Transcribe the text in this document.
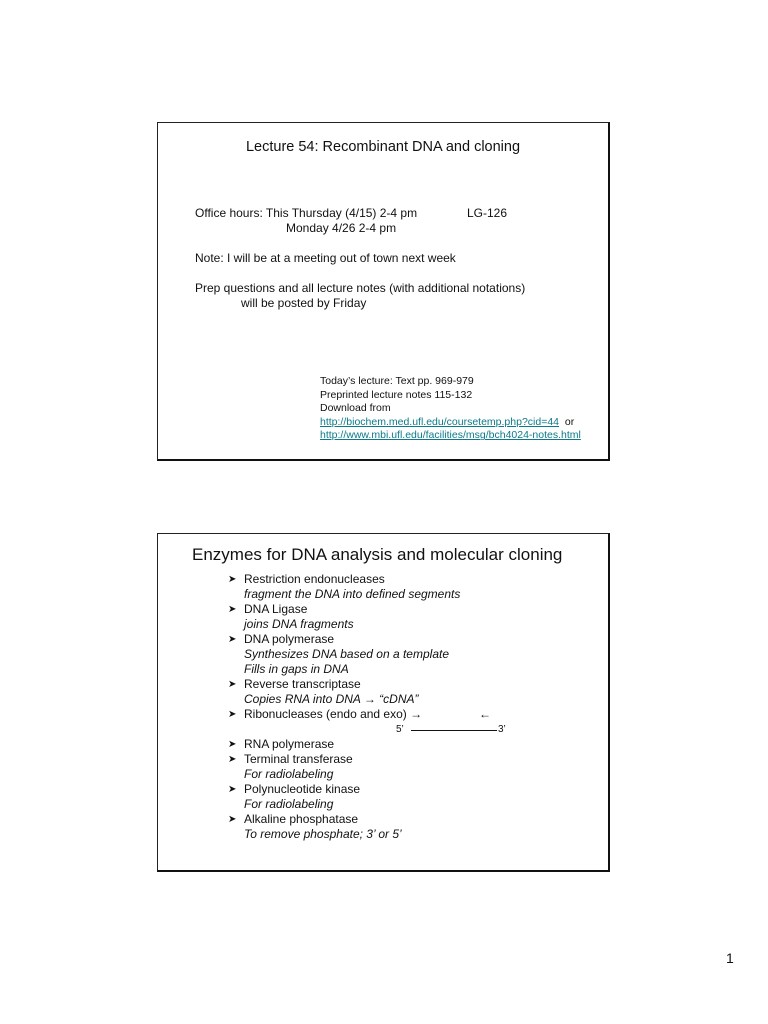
Lecture 54: Recombinant DNA and cloning
Office hours: This Thursday (4/15) 2-4 pm	LG-126
Monday 4/26 2-4 pm
Note: I will be at a meeting out of town next week
Prep questions and all lecture notes (with additional notations)
will be posted by Friday
Today’s lecture: Text pp. 969-979
Preprinted lecture notes 115-132
Download from
http://biochem.med.ufl.edu/coursetemp.php?cid=44 or
http://www.mbi.ufl.edu/facilities/msg/bch4024-notes.html
Enzymes for DNA analysis and molecular cloning
➤ Restriction endonucleases
fragment the DNA into defined segments
➤ DNA Ligase
joins DNA fragments
➤ DNA polymerase
Synthesizes DNA based on a template
Fills in gaps in DNA
➤ Reverse transcriptase
Copies RNA into DNA → “cDNA”
➤ Ribonucleases (endo and exo) →	←
5’	3’
➤ RNA polymerase
➤ Terminal transferase
For radiolabeling
➤ Polynucleotide kinase
For radiolabeling
➤ Alkaline phosphatase
To remove phosphate; 3’ or 5’
1
